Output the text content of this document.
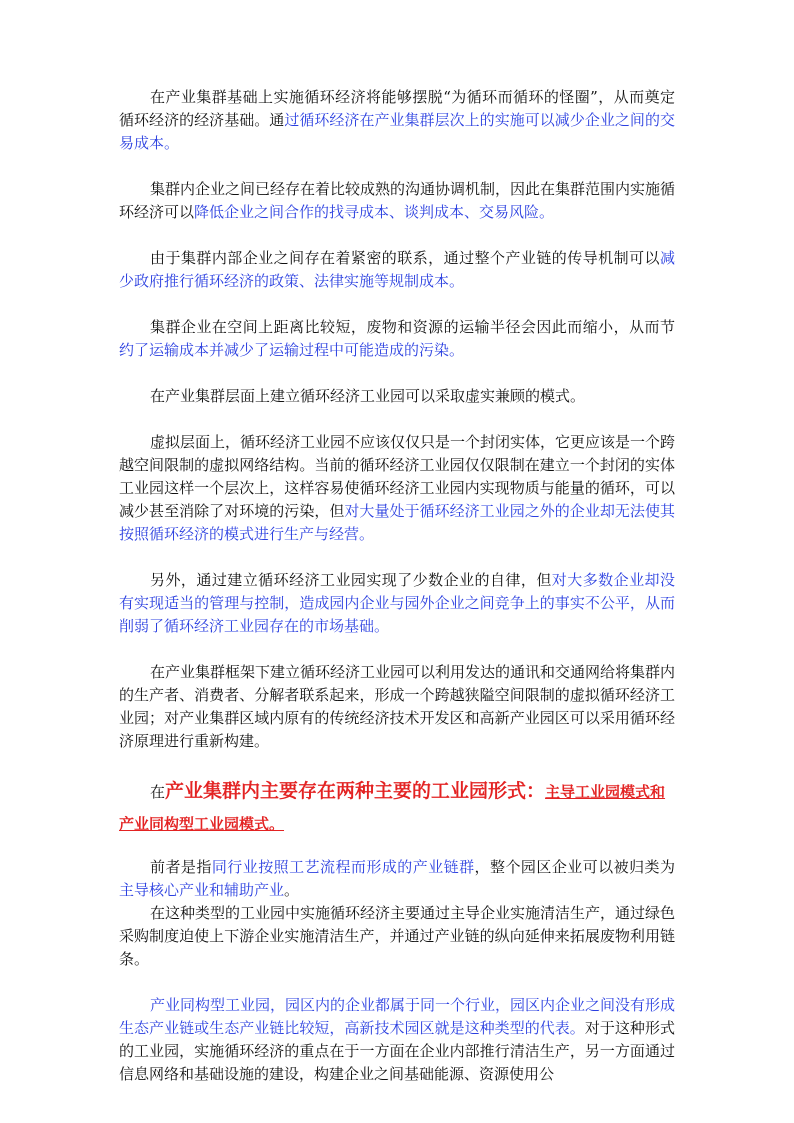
在产业集群基础上实施循环经济将能够摆脱“为循环而循环的怪圈”，从而奠定循环经济的经济基础。通过循环经济在产业集群层次上的实施可以减少企业之间的交易成本。

集群内企业之间已经存在着比较成熟的沟通协调机制，因此在集群范围内实施循环经济可以降低企业之间合作的找寻成本、谈判成本、交易风险。

由于集群内部企业之间存在着紧密的联系，通过整个产业链的传导机制可以减少政府推行循环经济的政策、法律实施等规制成本。

集群企业在空间上距离比较短，废物和资源的运输半径会因此而缩小，从而节约了运输成本并减少了运输过程中可能造成的污染。

在产业集群层面上建立循环经济工业园可以采取虚实兼顾的模式。

虚拟层面上，循环经济工业园不应该仅仅只是一个封闭实体，它更应该是一个跨越空间限制的虚拟网络结构。当前的循环经济工业园仅仅限制在建立一个封闭的实体工业园这样一个层次上，这样容易使循环经济工业园内实现物质与能量的循环，可以减少甚至消除了对环境的污染，但对大量处于循环经济工业园之外的企业却无法使其按照循环经济的模式进行生产与经营。

另外，通过建立循环经济工业园实现了少数企业的自律，但对大多数企业却没有实现适当的管理与控制，造成园内企业与园外企业之间竞争上的事实不公平，从而削弱了循环经济工业园存在的市场基础。

在产业集群框架下建立循环经济工业园可以利用发达的通讯和交通网给将集群内的生产者、消费者、分解者联系起来，形成一个跨越狭隘空间限制的虚拟循环经济工业园；对产业集群区域内原有的传统经济技术开发区和高新产业园区可以采用循环经济原理进行重新构建。

在产业集群内主要存在两种主要的工业园形式：主导工业园模式和产业同构型工业园模式。

前者是指同行业按照工艺流程而形成的产业链群，整个园区企业可以被归类为主导核心产业和辅助产业。

在这种类型的工业园中实施循环经济主要通过主导企业实施清洁生产，通过绿色采购制度迫使上下游企业实施清洁生产，并通过产业链的纵向延伸来拓展废物利用链条。

产业同构型工业园，园区内的企业都属于同一个行业，园区内企业之间没有形成生态产业链或生态产业链比较短，高新技术园区就是这种类型的代表。对于这种形式的工业园，实施循环经济的重点在于一方面在企业内部推行清洁生产，另一方面通过信息网络和基础设施的建设，构建企业之间基础能源、资源使用公
